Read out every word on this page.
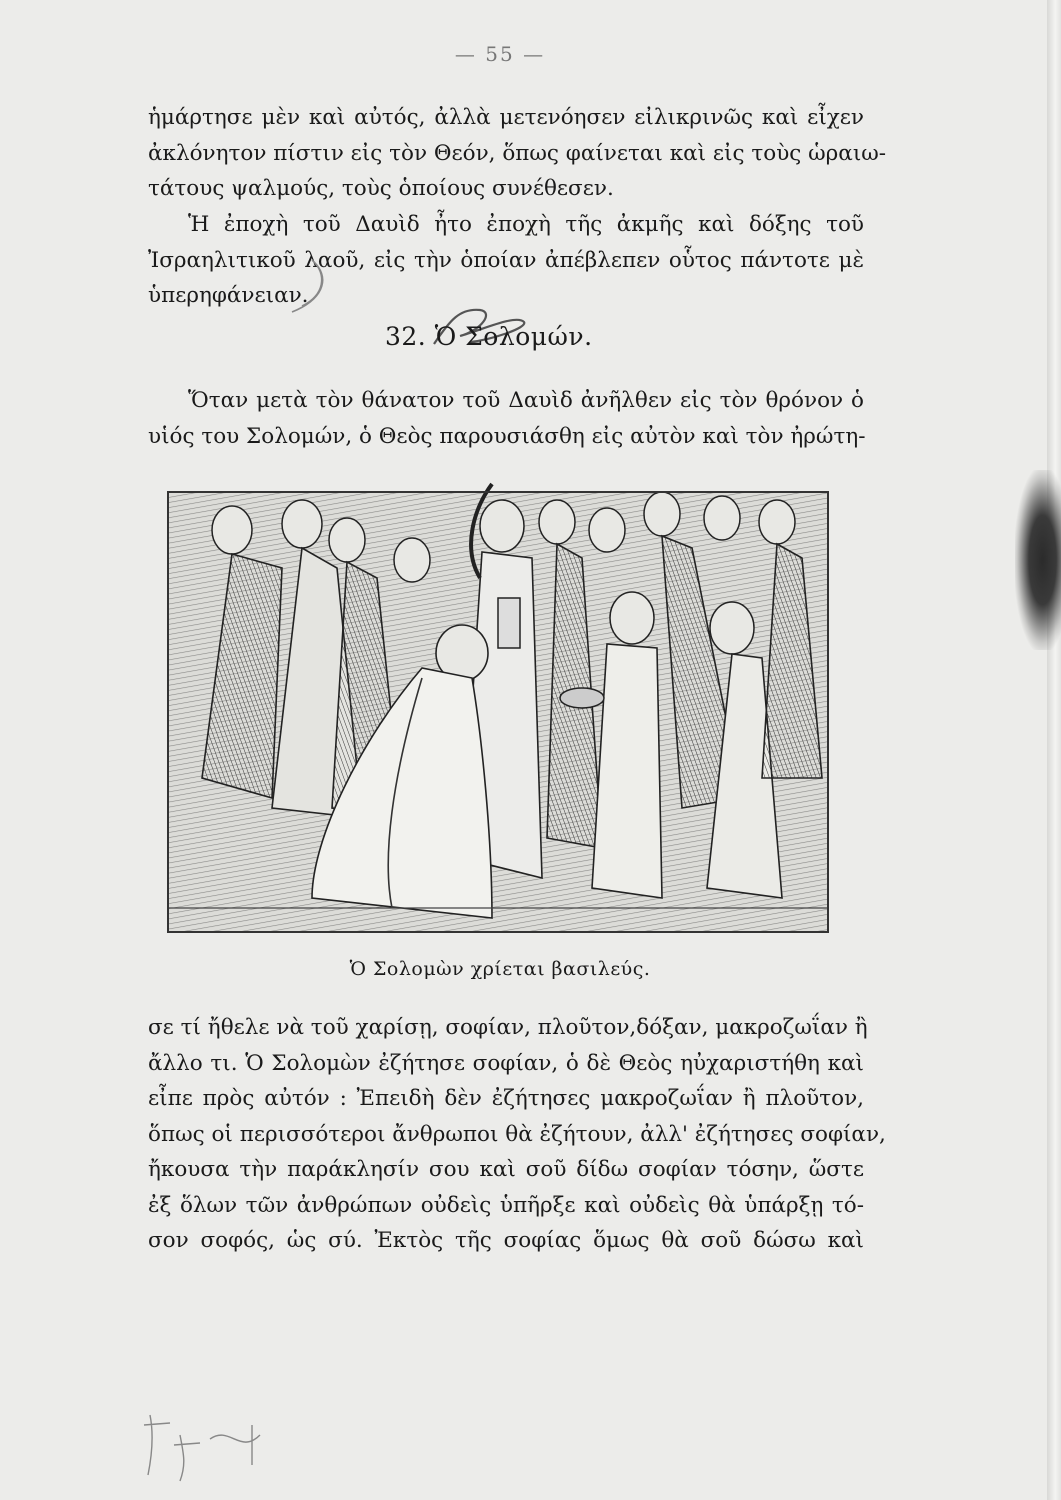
— 55 —

ἡμάρτησε μὲν καὶ αὐτός, ἀλλὰ μετενόησεν εἰλικρινῶς καὶ εἶχεν
ἀκλόνητον πίστιν εἰς τὸν Θεόν, ὅπως φαίνεται καὶ εἰς τοὺς ὡραιω-
τάτους ψαλμούς, τοὺς ὁποίους συνέθεσεν.

Ἡ ἐποχὴ τοῦ Δαυὶδ ἦτο ἐποχὴ τῆς ἀκμῆς καὶ δόξης τοῦ
Ἰσραηλιτικοῦ λαοῦ, εἰς τὴν ὁποίαν ἀπέβλεπεν οὗτος πάντοτε μὲ
ὑπερηφάνειαν.

32. Ὁ Σολομών.

Ὅταν μετὰ τὸν θάνατον τοῦ Δαυὶδ ἀνῆλθεν εἰς τὸν θρόνον ὁ
υἱός του Σολομών, ὁ Θεὸς παρουσιάσθη εἰς αὐτὸν καὶ τὸν ἠρώτη-

Ὁ Σολομὼν χρίεται βασιλεύς.

σε τί ἤθελε νὰ τοῦ χαρίσῃ, σοφίαν, πλοῦτον,δόξαν, μακροζωΐαν ἢ
ἄλλο τι. Ὁ Σολομὼν ἐζήτησε σοφίαν, ὁ δὲ Θεὸς ηὐχαριστήθη καὶ
εἶπε πρὸς αὐτόν : Ἐπειδὴ δὲν ἐζήτησες μακροζωΐαν ἢ πλοῦτον,
ὅπως οἱ περισσότεροι ἄνθρωποι θὰ ἐζήτουν, ἀλλ' ἐζήτησες σοφίαν,
ἤκουσα τὴν παράκλησίν σου καὶ σοῦ δίδω σοφίαν τόσην, ὥστε
ἐξ ὅλων τῶν ἀνθρώπων οὐδεὶς ὑπῆρξε καὶ οὐδεὶς θὰ ὑπάρξῃ τό-
σον σοφός, ὡς σύ. Ἐκτὸς τῆς σοφίας ὅμως θὰ σοῦ δώσω καὶ
